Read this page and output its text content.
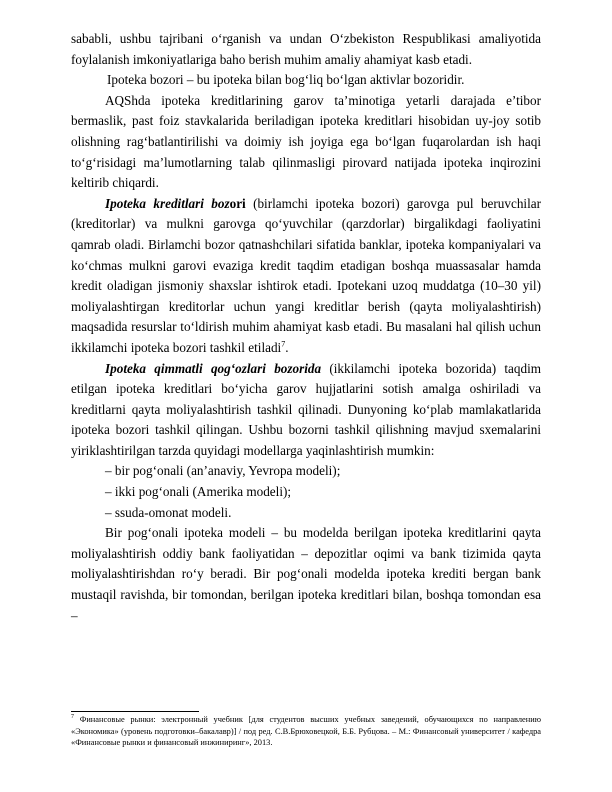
sababli, ushbu tajribani o‘rganish va undan O‘zbekiston Respublikasi amaliyotida foylalanish imkoniyatlariga baho berish muhim amaliy ahamiyat kasb etadi.

Ipoteka bozori – bu ipoteka bilan bog‘liq bo‘lgan aktivlar bozoridir.

AQShda ipoteka kreditlarining garov ta’minotiga yetarli darajada e’tibor bermaslik, past foiz stavkalarida beriladigan ipoteka kreditlari hisobidan uy-joy sotib olishning rag‘batlantirilishi va doimiy ish joyiga ega bo‘lgan fuqarolardan ish haqi to‘g‘risidagi ma’lumotlarning talab qilinmasligi pirovard natijada ipoteka inqirozini keltirib chiqardi.

Ipoteka kreditlari bozori (birlamchi ipoteka bozori) garovga pul beruvchilar (kreditorlar) va mulkni garovga qo‘yuvchilar (qarzdorlar) birgalikdagi faoliyatini qamrab oladi. Birlamchi bozor qatnashchilari sifatida banklar, ipoteka kompaniyalari va ko‘chmas mulkni garovi evaziga kredit taqdim etadigan boshqa muassasalar hamda kredit oladigan jismoniy shaxslar ishtirok etadi. Ipotekani uzoq muddatga (10–30 yil) moliyalashtirgan kreditorlar uchun yangi kreditlar berish (qayta moliyalashtirish) maqsadida resurslar to‘ldirish muhim ahamiyat kasb etadi. Bu masalani hal qilish uchun ikkilamchi ipoteka bozori tashkil etiladi$^7$.

Ipoteka qimmatli qog‘ozlari bozorida (ikkilamchi ipoteka bozorida) taqdim etilgan ipoteka kreditlari bo‘yicha garov hujjatlarini sotish amalga oshiriladi va kreditlarni qayta moliyalashtirish tashkil qilinadi. Dunyoning ko‘plab mamlakatlarida ipoteka bozori tashkil qilingan. Ushbu bozorni tashkil qilishning mavjud sxemalarini yiriklashtirilgan tarzda quyidagi modellarga yaqinlashtirish mumkin:

– bir pog‘onali (an’anaviy, Yevropa modeli);

– ikki pog‘onali (Amerika modeli);

– ssuda-omonat modeli.

Bir pog‘onali ipoteka modeli – bu modelda berilgan ipoteka kreditlarini qayta moliyalashtirish oddiy bank faoliyatidan – depozitlar oqimi va bank tizimida qayta moliyalashtirishdan ro‘y beradi. Bir pog‘onali modelda ipoteka krediti bergan bank mustaqil ravishda, bir tomondan, berilgan ipoteka kreditlari bilan, boshqa tomondan esa –

$^7$ Финансовые рынки: электронный учебник [для студентов высших учебных заведений, обучающихся по направлению «Экономика» (уровень подготовки–бакалавр)] / под ред. С.В.Брюховецкой, Б.Б. Рубцова. – М.: Финансовый университет / кафедра «Финансовые рынки и финансовый инжиниринг», 2013.
